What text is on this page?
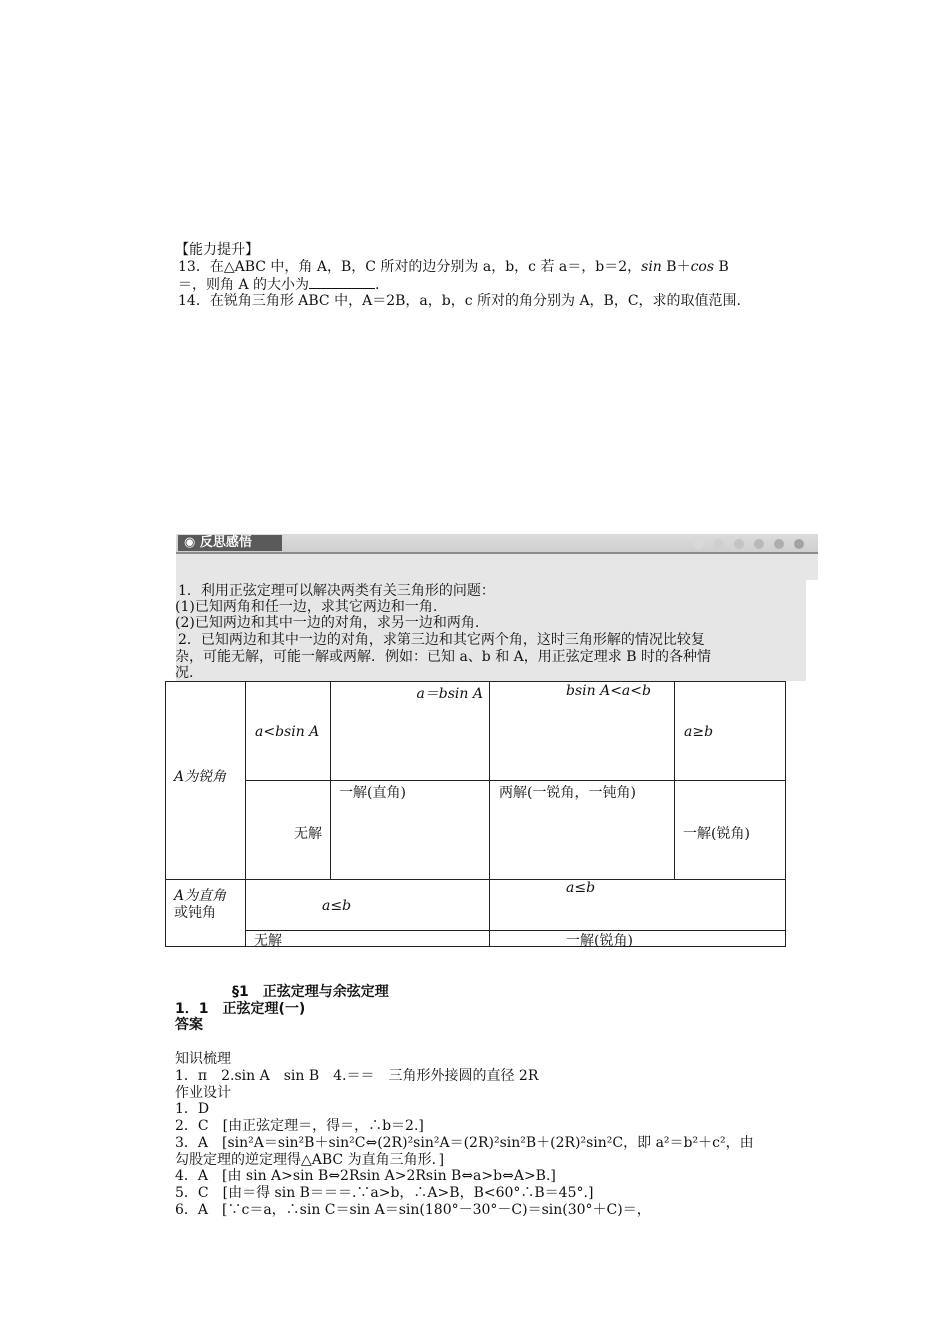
【能力提升】
13．在△ABC 中，角 A，B，C 所对的边分别为 a，b，c 若 a＝，b＝2，sin B＋cos B
＝，则角 A 的大小为	.
14．在锐角三角形 ABC 中，A＝2B，a，b，c 所对的角分别为 A，B，C，求的取值范围.
◉ 反思感悟
1．利用正弦定理可以解决两类有关三角形的问题：
(1)已知两角和任一边，求其它两边和一角.
(2)已知两边和其中一边的对角，求另一边和两角.
2．已知两边和其中一边的对角，求第三边和其它两个角，这时三角形解的情况比较复
杂，可能无解，可能一解或两解．例如：已知 a、b 和 A，用正弦定理求 B 时的各种情
况.
A为锐角	a<bsin A	a＝bsin A	bsin A<a<b	a≥b

	无解	一解(直角)	两解(一锐角，一钝角)	一解(锐角)

A为直角
或钝角	a≤b		a≤b	

	无解		一解(锐角)	
§1　正弦定理与余弦定理
1．1　正弦定理(一)
答案
知识梳理
1．π　2.sin A　sin B　4.＝＝　三角形外接圆的直径 2R
作业设计
1．D
2．C　[由正弦定理＝，得＝，∴b＝2.]
3．A　[sin²A＝sin²B＋sin²C⇔(2R)²sin²A＝(2R)²sin²B＋(2R)²sin²C，即 a²＝b²＋c²，由
勾股定理的逆定理得△ABC 为直角三角形．]
4．A　[由 sin A>sin B⇔2Rsin A>2Rsin B⇔a>b⇔A>B.]
5．C　[由＝得 sin B＝＝＝.∵a>b，∴A>B，B<60°∴B＝45°.]
6．A　[∵c＝a，∴sin C＝sin A＝sin(180°－30°－C)＝sin(30°＋C)＝，
